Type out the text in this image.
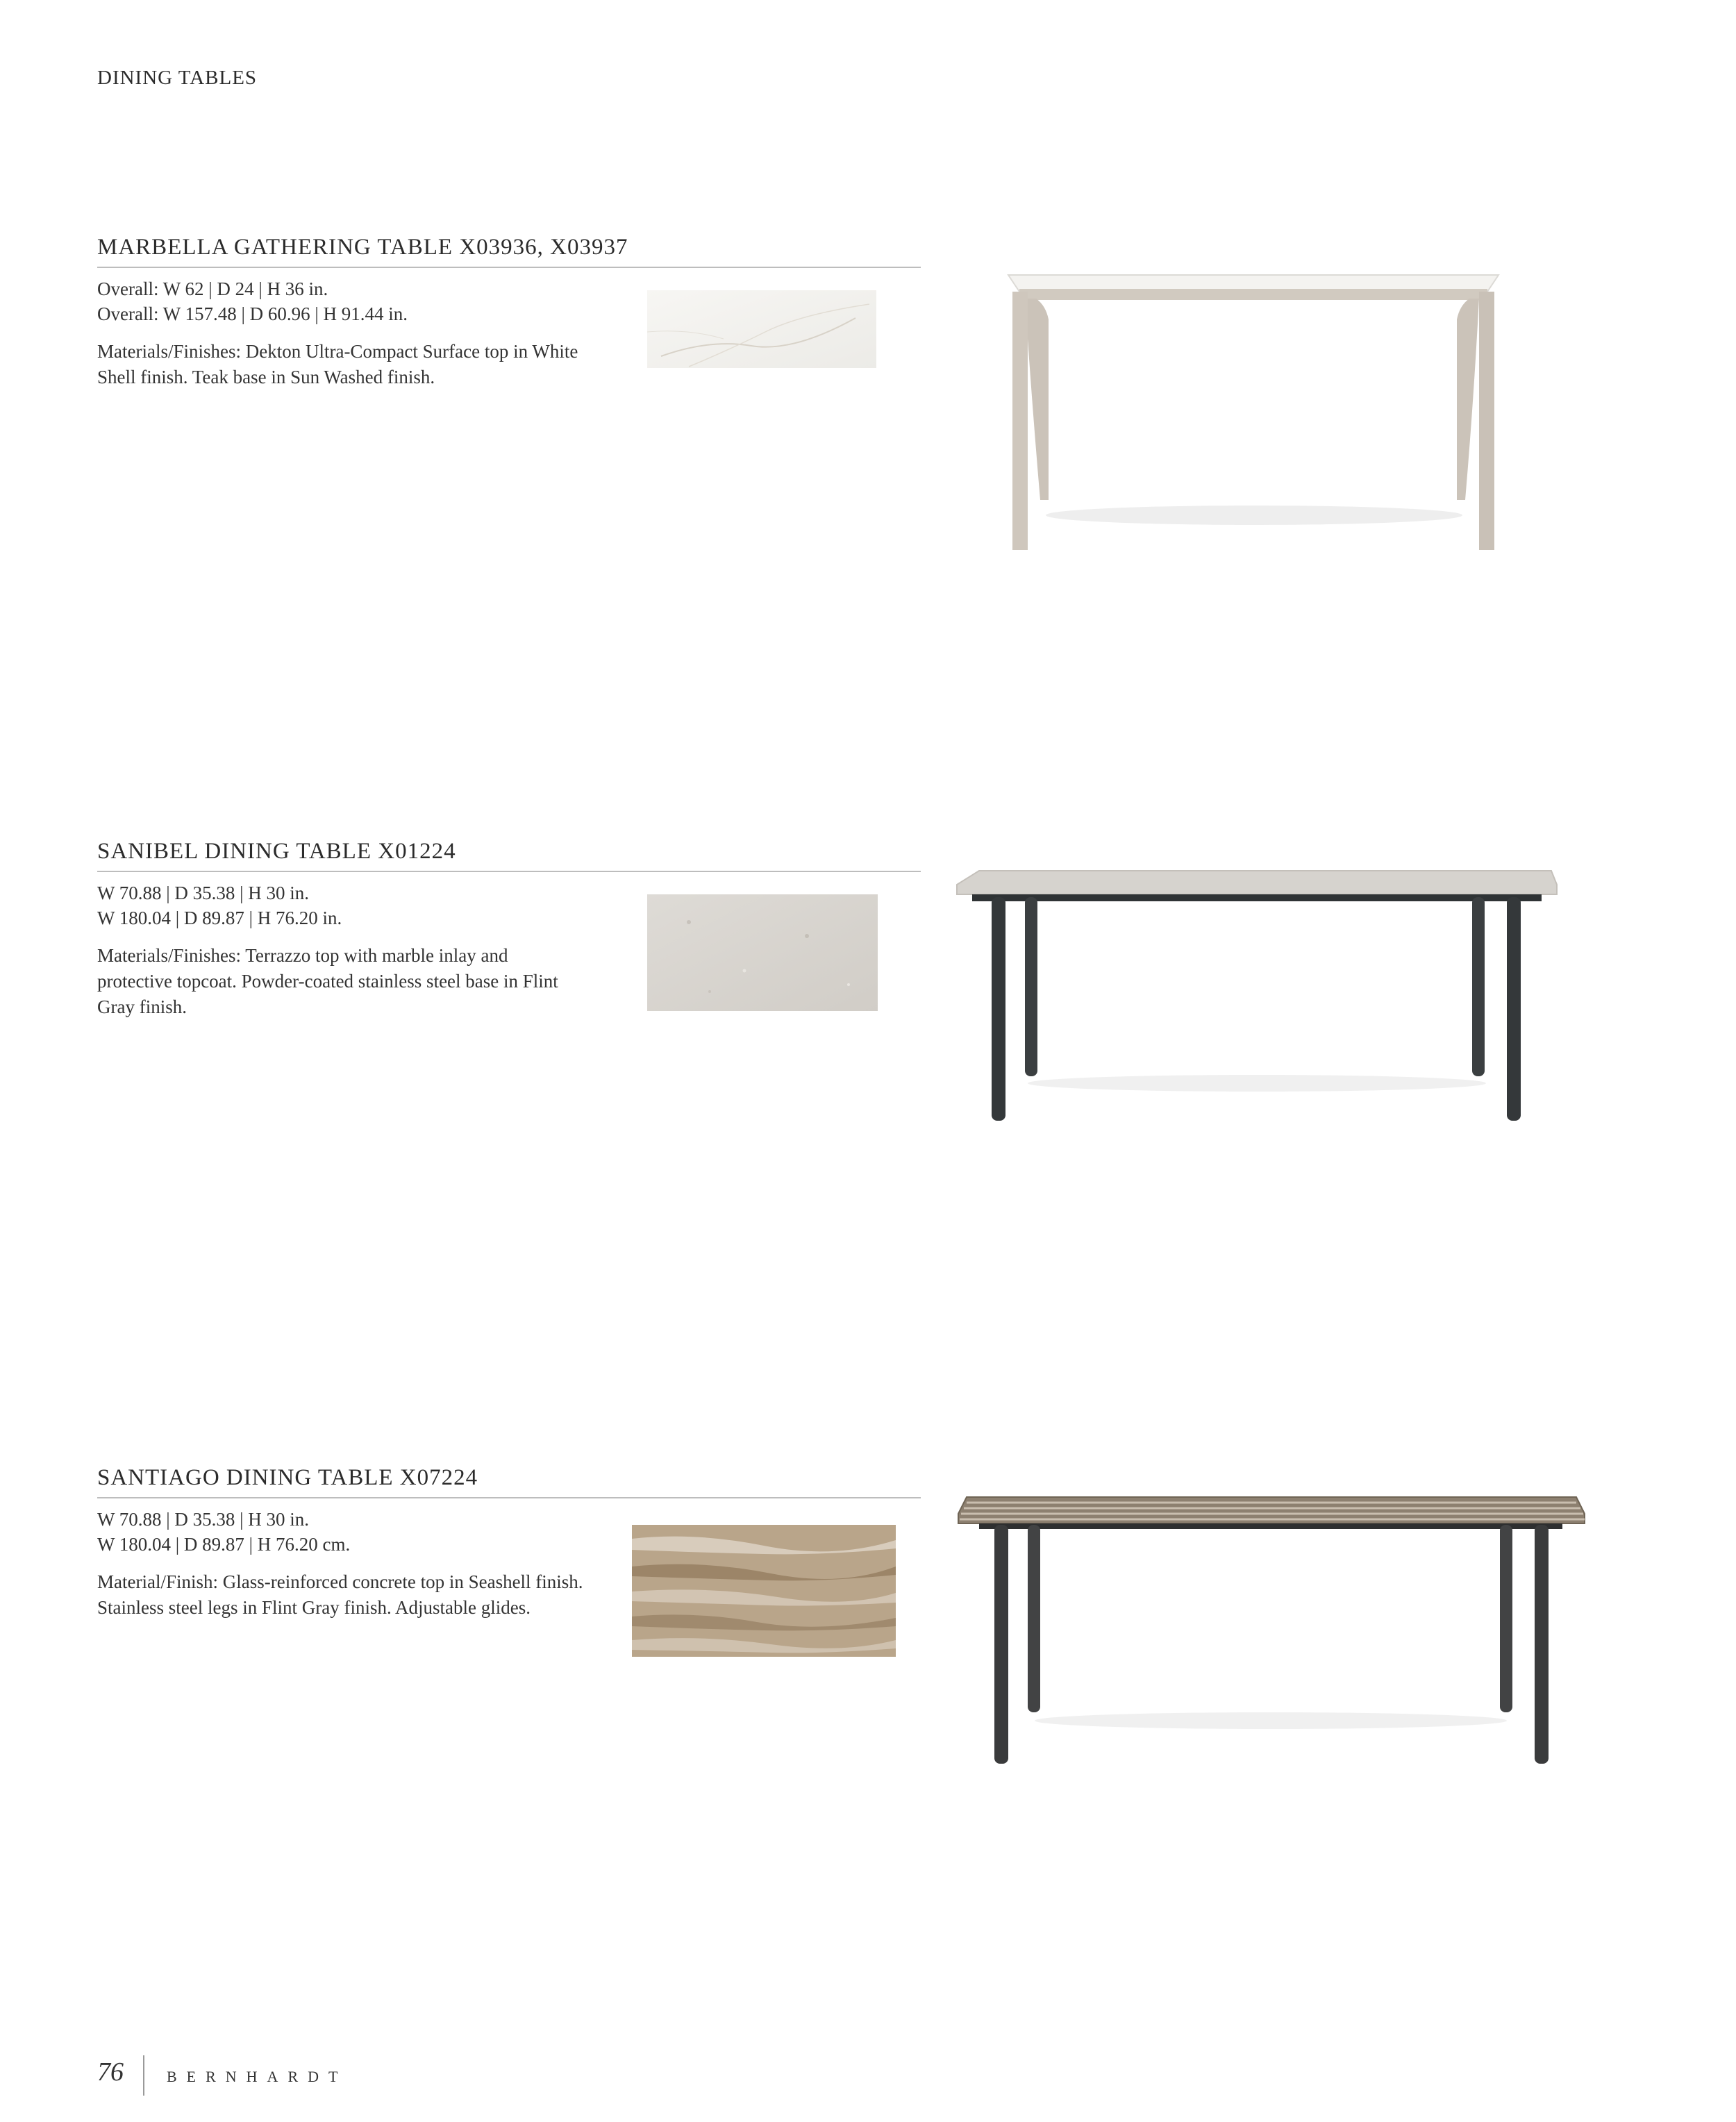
DINING TABLES
MARBELLA GATHERING TABLE X03936, X03937
Overall: W 62 | D 24 | H 36 in.
Overall: W 157.48 | D 60.96 | H 91.44 in.
Materials/Finishes: Dekton Ultra-Compact Surface top in White Shell finish. Teak base in Sun Washed finish.
SANIBEL DINING TABLE X01224
W 70.88 | D 35.38 | H 30 in.
W 180.04 | D 89.87 | H 76.20 in.
Materials/Finishes: Terrazzo top with marble inlay and protective topcoat. Powder-coated stainless steel base in Flint Gray finish.
SANTIAGO DINING TABLE X07224
W 70.88 | D 35.38 | H 30 in.
W 180.04 | D 89.87 | H 76.20 cm.
Material/Finish: Glass-reinforced concrete top in Seashell finish. Stainless steel legs in Flint Gray finish. Adjustable glides.
76	BERNHARDT
